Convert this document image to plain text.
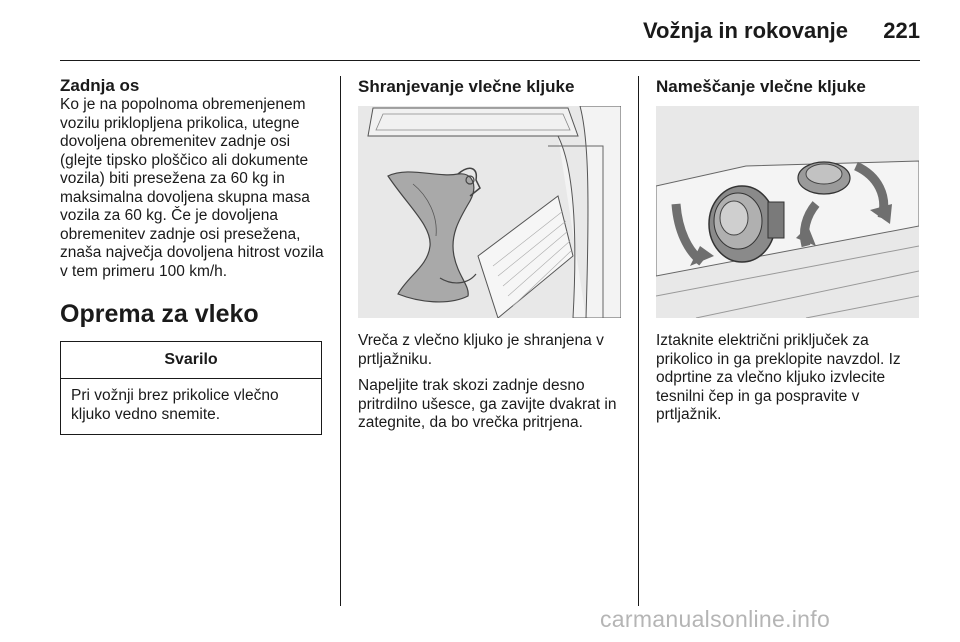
Vožnja in rokovanje 221
Zadnja os
Ko je na popolnoma obremenjenem vozilu priklopljena prikolica, utegne dovoljena obremenitev zadnje osi (glejte tipsko ploščico ali dokumente vozila) biti presežena za 60 kg in maksimalna dovoljena skupna masa vozila za 60 kg. Če je dovoljena obremenitev zadnje osi presežena, znaša največja dovoljena hitrost vozila v tem primeru 100 km/h.
Oprema za vleko
Svarilo
Pri vožnji brez prikolice vlečno kljuko vedno snemite.
Shranjevanje vlečne kljuke
Vreča z vlečno kljuko je shranjena v prtljažniku.
Napeljite trak skozi zadnje desno pritrdilno ušesce, ga zavijte dvakrat in zategnite, da bo vrečka pritrjena.
Nameščanje vlečne kljuke
Iztaknite električni priključek za prikolico in ga preklopite navzdol. Iz odprtine za vlečno kljuko izvlecite tesnilni čep in ga pospravite v prtljažnik.
carmanualsonline.info
